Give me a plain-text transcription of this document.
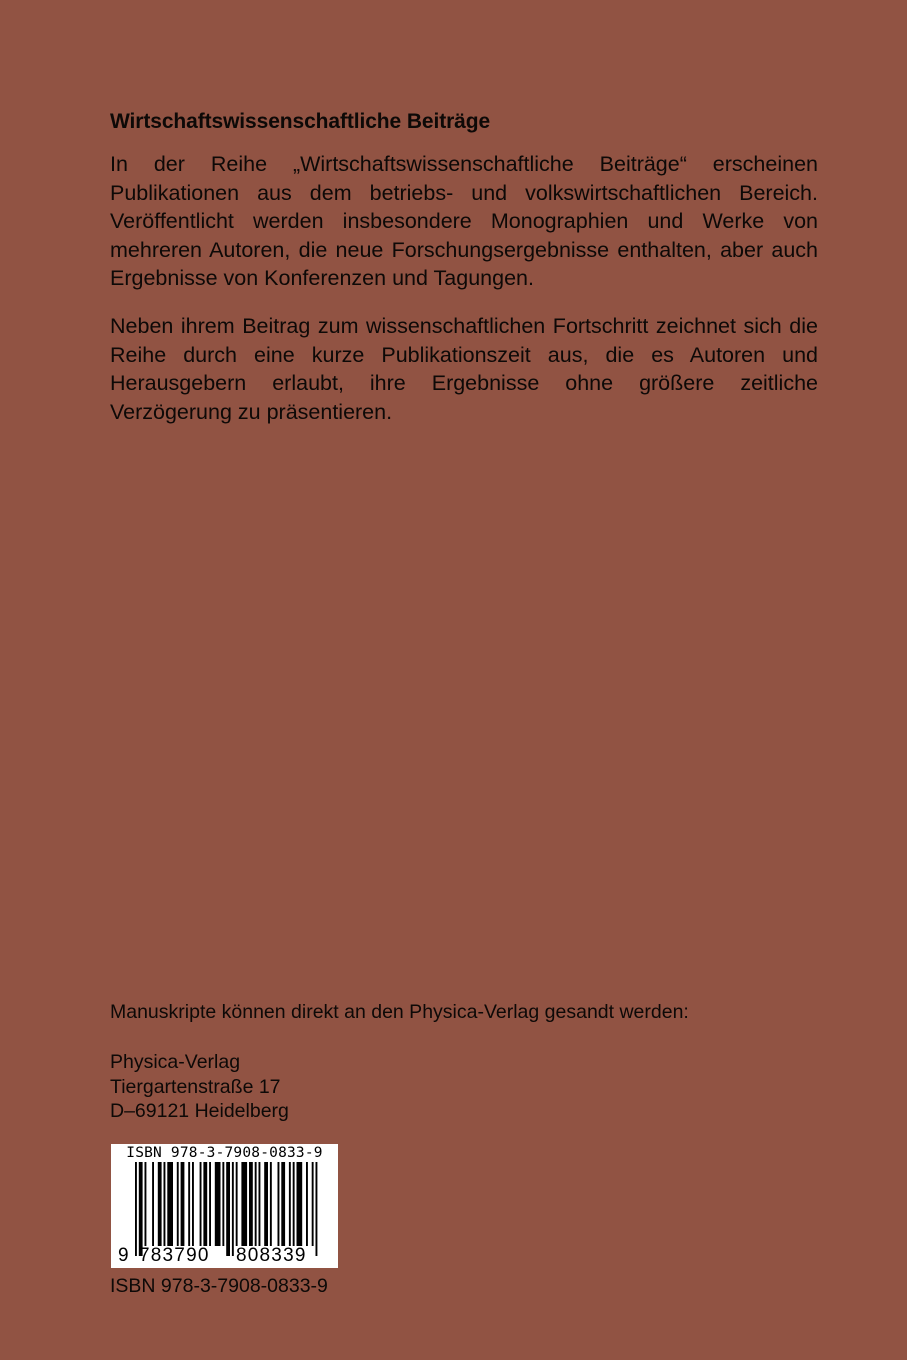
Wirtschaftswissenschaftliche Beiträge

In der Reihe „Wirtschaftswissenschaftliche Beiträge“ erscheinen Publikationen aus dem betriebs- und volkswirtschaftlichen Bereich. Veröffentlicht werden insbesondere Monographien und Werke von mehreren Autoren, die neue Forschungsergebnisse enthalten, aber auch Ergebnisse von Konferenzen und Tagungen.

Neben ihrem Beitrag zum wissenschaftlichen Fortschritt zeichnet sich die Reihe durch eine kurze Publikationszeit aus, die es Autoren und Herausgebern erlaubt, ihre Ergebnisse ohne größere zeitliche Verzögerung zu präsentieren.

Manuskripte können direkt an den Physica-Verlag gesandt werden:

Physica-Verlag
Tiergartenstraße 17
D–69121 Heidelberg
ISBN 978-3-7908-0833-9
9 783790 808339
ISBN 978-3-7908-0833-9
